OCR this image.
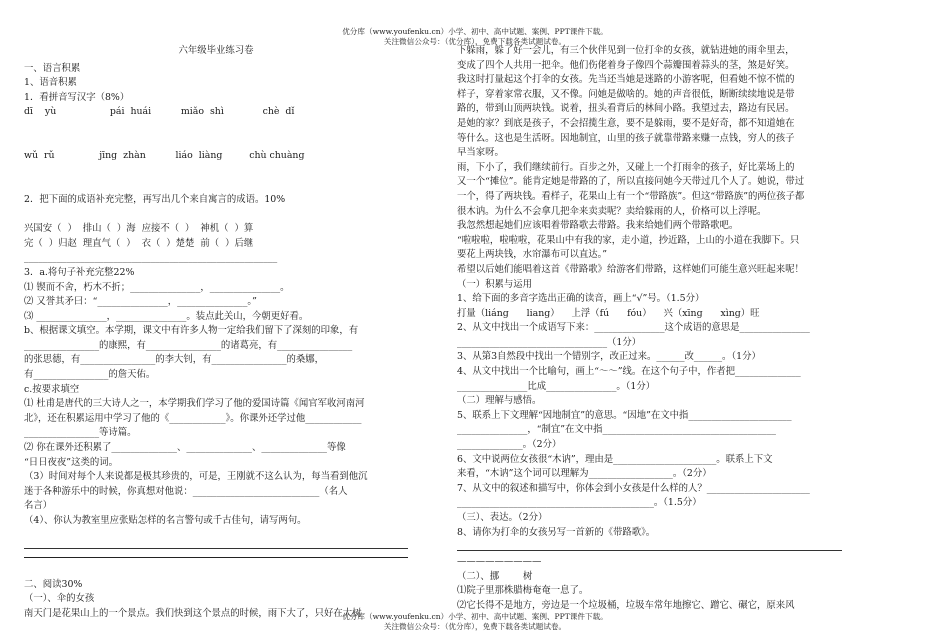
优分库（www.youfenku.cn）小学、初中、高中试题、案例、PPT课件下载。
关注微信公众号：（优分库），免费下载各类试题试卷。
六年级毕业练习卷
一、语言积累
1、语音积累
1．看拼音写汉字（8%）
dī    yù                  pái  huái          miǎo  shì             chè  dǐ

wǔ  rǔ               jīng  zhàn          liáo  liàng         chù chuàng

2．把下面的成语补充完整，再写出几个来自寓言的成语。10%

兴国安（  ）  排山（  ）海  应接不（  ）  神机（  ）算
完（  ）归赵  理直气（  ）  衣（  ）楚楚  前（  ）后继
______________________________________________________
3．a.将句子补充完整22%
⑴ 锲而不舍，朽木不折；_______________，_______________。
⑵ 又誉其矛曰：“_______________，_______________。”
⑶ _______________，_______________。装点此关山，今朝更好看。
b、根据课文填空。本学期，课文中有许多人物一定给我们留下了深刻的印象，有
________________的康熙，有________________的诸葛亮，有________________
的张思德，有________________的李大钊，有________________的桑娜，
有________________的詹天佑。
c.按要求填空
⑴ 杜甫是唐代的三大诗人之一，本学期我们学习了他的爱国诗篇《闻官军收河南河
北》，还在积累运用中学习了他的《____________》。你课外还学过他____________
________________等诗篇。
⑵ 你在课外还积累了______________、______________、______________等像
“日日夜夜”这类的词。
（3）时间对每个人来说都是极其珍贵的，可是，王刚就不这么认为，每当看到他沉
迷于各种游乐中的时候，你真想对他说：___________________________（名人
名言）
（4）、你认为教室里应张贴怎样的名言警句或千古佳句，请写两句。
二、阅读30%
（一）、伞的女孩
南天门是花果山上的一个景点。我们快到这个景点的时候，雨下大了，只好在大树
下躲雨，躲了好一会儿，有三个伙伴见到一位打伞的女孩，就钻进她的雨伞里去，
变成了四个人共用一把伞。他们伤佬着身子像四个蒜瓣围着蒜头的茎，煞是好笑。
我这时打量起这个打伞的女孩。先当还当她是迷路的小游客呢，但看她不惊不慌的
样子，穿着家常衣服，又不像。问她是做啥的。她的声音很低，断断续续地说是带
路的，带到山顶两块钱。说着，扭头看背后的林间小路。我望过去，路边有民居。
是她的家？到底是孩子，不会招揽生意，要不是躲雨，要不是好奇，都不知道她在
等什么。这也是生活呀。因地制宜，山里的孩子就靠带路来赚一点钱，穷人的孩子
早当家呀。
雨，下小了，我们继续前行。百步之外，又碰上一个打雨伞的孩子，好比菜场上的
又一个“摊位”。能肯定她是带路的了，所以直接问她今天带过几个人了。她说，带过
一个，得了两块钱。看样子，花果山上有一个“带路族”。但这“带路族”的两位孩子都
很木讷。为什么不会拿几把伞来卖卖呢？卖给躲雨的人，价格可以上浮呢。
我忽然想起她们应该唱着带路歌去带路。我来给她们两个带路歌吧。
“啦啦啦，啦啦啦，花果山中有我的家，走小道，抄近路，上山的小道在我脚下。只
要花上两块钱，水帘瀑布可以直达。”
希望以后她们能唱着这首《带路歌》给游客们带路，这样她们可能生意兴旺起来呢！
（一）积累与运用
1、给下面的多音字选出正确的读音，画上“√”号。（1.5分）
打量（liáng      liang）    上浮（fú      fóu）    兴（xīng      xìng）旺
2、从文中找出一个成语写下来：_______________这个成语的意思是_______________
________________________________（1分）
3、从第3自然段中找出一个错别字，改正过来。______改______。（1分）
4、从文中找出一个比喻句，画上“～～”线。在这个句子中，作者把______________
_______________比成_______________。（1分）
（二）理解与感悟。
5、联系上下文理解“因地制宜”的意思。“因地”在文中指______________________
_______________，“制宜”在文中指_____________________________________
______________。（2分）
6、文中说两位女孩很“木讷”，理由是______________________。联系上下文
来看，“木讷”这个词可以理解为__________________。（2分）
7、从文中的叙述和描写中，你体会到小女孩是什么样的人？______________________
__________________________________________。（1.5分）
（三）、表达。（2分）
8、请你为打伞的女孩另写一首新的《带路歌》。
—————————
（二）、挪        树
⑴院子里那株腊梅奄奄一息了。
⑵它长得不是地方，旁边是一个垃圾桶，垃圾车常年地擦它、蹭它、碾它，原来风
优分库（www.youfenku.cn）小学、初中、高中试题、案例、PPT课件下载。
关注微信公众号：（优分库），免费下载各类试题试卷。
